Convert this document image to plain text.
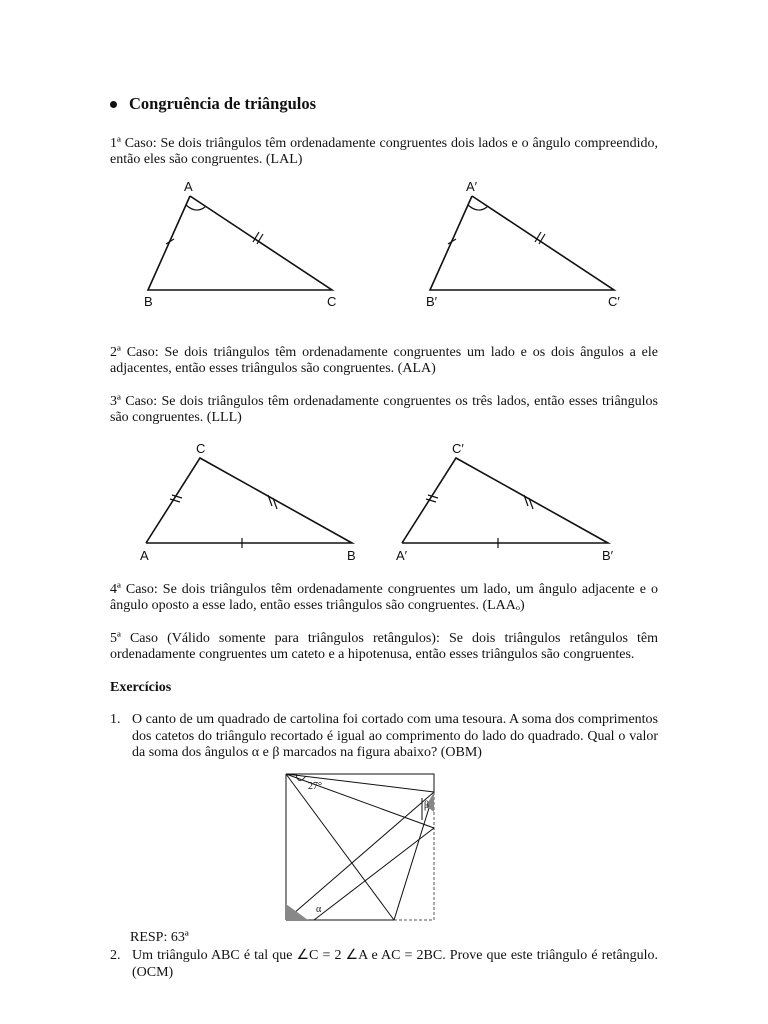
Congruência de triângulos
1ª Caso: Se dois triângulos têm ordenadamente congruentes dois lados e o ângulo compreendido, então eles são congruentes. (LAL)
A
B	C
A′
B′	C′
2ª Caso: Se dois triângulos têm ordenadamente congruentes um lado e os dois ângulos a ele adjacentes, então esses triângulos são congruentes. (ALA)
3ª Caso: Se dois triângulos têm ordenadamente congruentes os três lados, então esses triângulos são congruentes. (LLL)
C
A	B
C′
A′	B′
4ª Caso: Se dois triângulos têm ordenadamente congruentes um lado, um ângulo adjacente e o ângulo oposto a esse lado, então esses triângulos são congruentes. (LAAₒ)
5ª Caso (Válido somente para triângulos retângulos): Se dois triângulos retângulos têm ordenadamente congruentes um cateto e a hipotenusa, então esses triângulos são congruentes.
Exercícios
1. O canto de um quadrado de cartolina foi cortado com uma tesoura. A soma dos comprimentos dos catetos do triângulo recortado é igual ao comprimento do lado do quadrado. Qual o valor da soma dos ângulos α e β marcados na figura abaixo? (OBM)
27°
α
β
RESP: 63ª
2. Um triângulo ABC é tal que ∠C = 2 ∠A e AC = 2BC. Prove que este triângulo é retângulo. (OCM)
